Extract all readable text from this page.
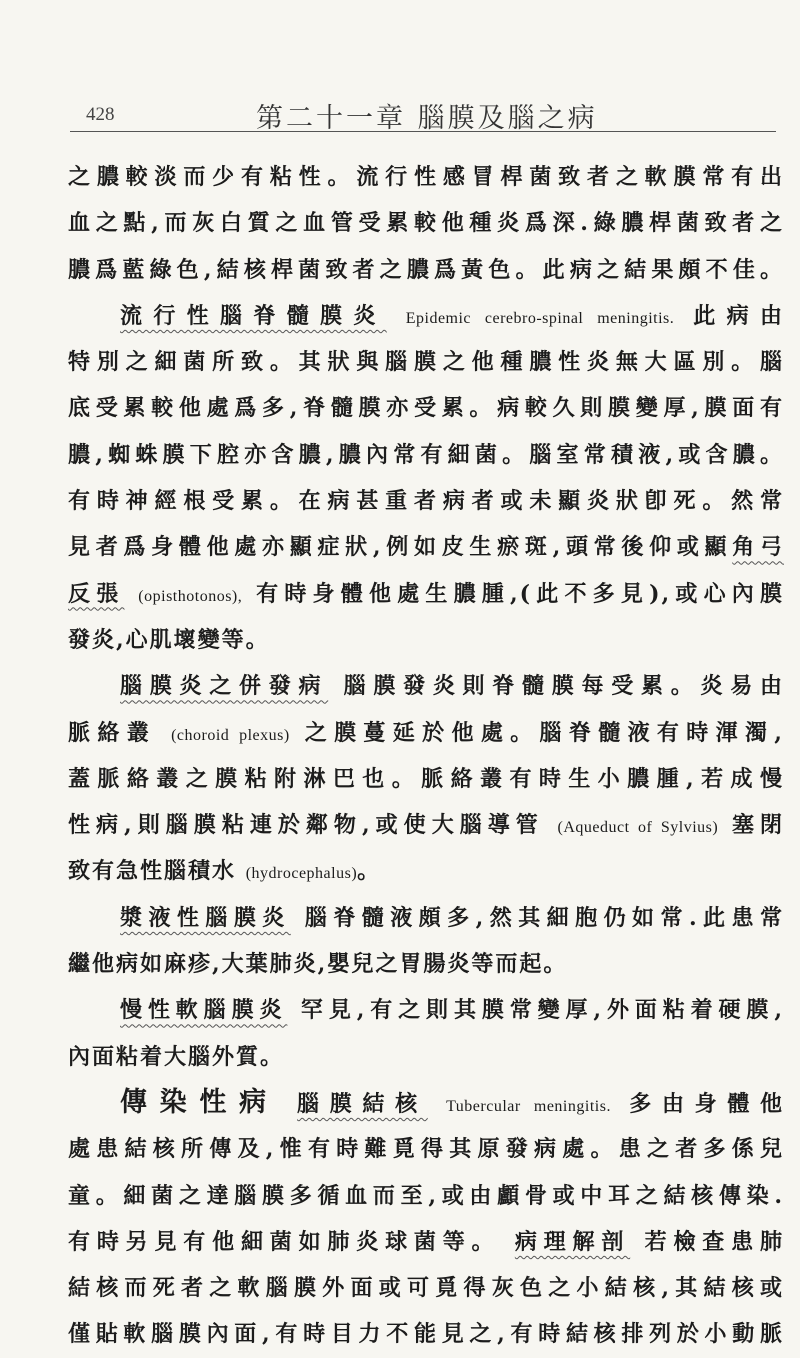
428	第二十一章 腦膜及腦之病
之膿較淡而少有粘性。流行性感冒桿菌致者之軟膜常有出
血之點,而灰白質之血管受累較他種炎爲深.綠膿桿菌致者之
膿爲藍綠色,結核桿菌致者之膿爲黃色。此病之結果頗不佳。
流行性腦脊髓膜炎 Epidemic cerebro-spinal meningitis. 此病由
特別之細菌所致。其狀與腦膜之他種膿性炎無大區別。腦
底受累較他處爲多,脊髓膜亦受累。病較久則膜變厚,膜面有
膿,蜘蛛膜下腔亦含膿,膿內常有細菌。腦室常積液,或含膿。
有時神經根受累。在病甚重者病者或未顯炎狀卽死。然常
見者爲身體他處亦顯症狀,例如皮生瘀斑,頭常後仰或顯角弓
反張 (opisthotonos), 有時身體他處生膿腫,(此不多見),或心內膜
發炎,心肌壞變等。
腦膜炎之併發病 腦膜發炎則脊髓膜每受累。炎易由
脈絡叢 (choroid plexus) 之膜蔓延於他處。腦脊髓液有時渾濁,
蓋脈絡叢之膜粘附淋巴也。脈絡叢有時生小膿腫,若成慢
性病,則腦膜粘連於鄰物,或使大腦導管 (Aqueduct of Sylvius) 塞閉
致有急性腦積水 (hydrocephalus)。
漿液性腦膜炎 腦脊髓液頗多,然其細胞仍如常.此患常
繼他病如麻疹,大葉肺炎,嬰兒之胃腸炎等而起。
慢性軟腦膜炎 罕見,有之則其膜常變厚,外面粘着硬膜,
內面粘着大腦外質。
傳染性病 腦膜結核 Tubercular meningitis. 多由身體他
處患結核所傳及,惟有時難覓得其原發病處。患之者多係兒
童。細菌之達腦膜多循血而至,或由顱骨或中耳之結核傳染.
有時另見有他細菌如肺炎球菌等。 病理解剖 若檢查患肺
結核而死者之軟腦膜外面或可覓得灰色之小結核,其結核或
僅貼軟腦膜內面,有時目力不能見之,有時結核排列於小動脈
